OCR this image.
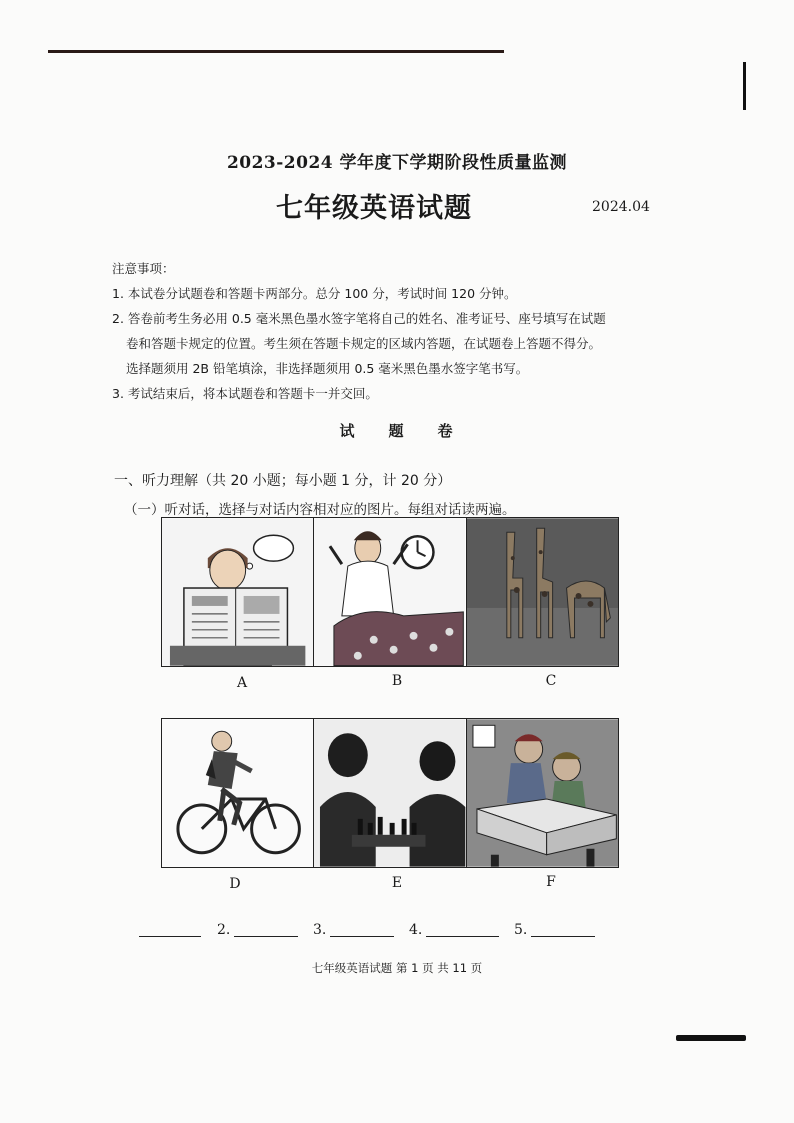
2023-2024 学年度下学期阶段性质量监测
七年级英语试题	2024.04
注意事项：
1. 本试卷分试题卷和答题卡两部分。总分 100 分，考试时间 120 分钟。
2. 答卷前考生务必用 0.5 毫米黑色墨水签字笔将自己的姓名、准考证号、座号填写在试题
卷和答题卡规定的位置。考生须在答题卡规定的区域内答题，在试题卷上答题不得分。
选择题须用 2B 铅笔填涂，非选择题须用 0.5 毫米黑色墨水签字笔书写。
3. 考试结束后，将本试题卷和答题卡一并交回。
试 题 卷
一、听力理解（共 20 小题；每小题 1 分，计 20 分）
（一）听对话，选择与对话内容相对应的图片。每组对话读两遍。
A	B	C
D	E	F
2.	3.	4.	5.
七年级英语试题 第 1 页 共 11 页
